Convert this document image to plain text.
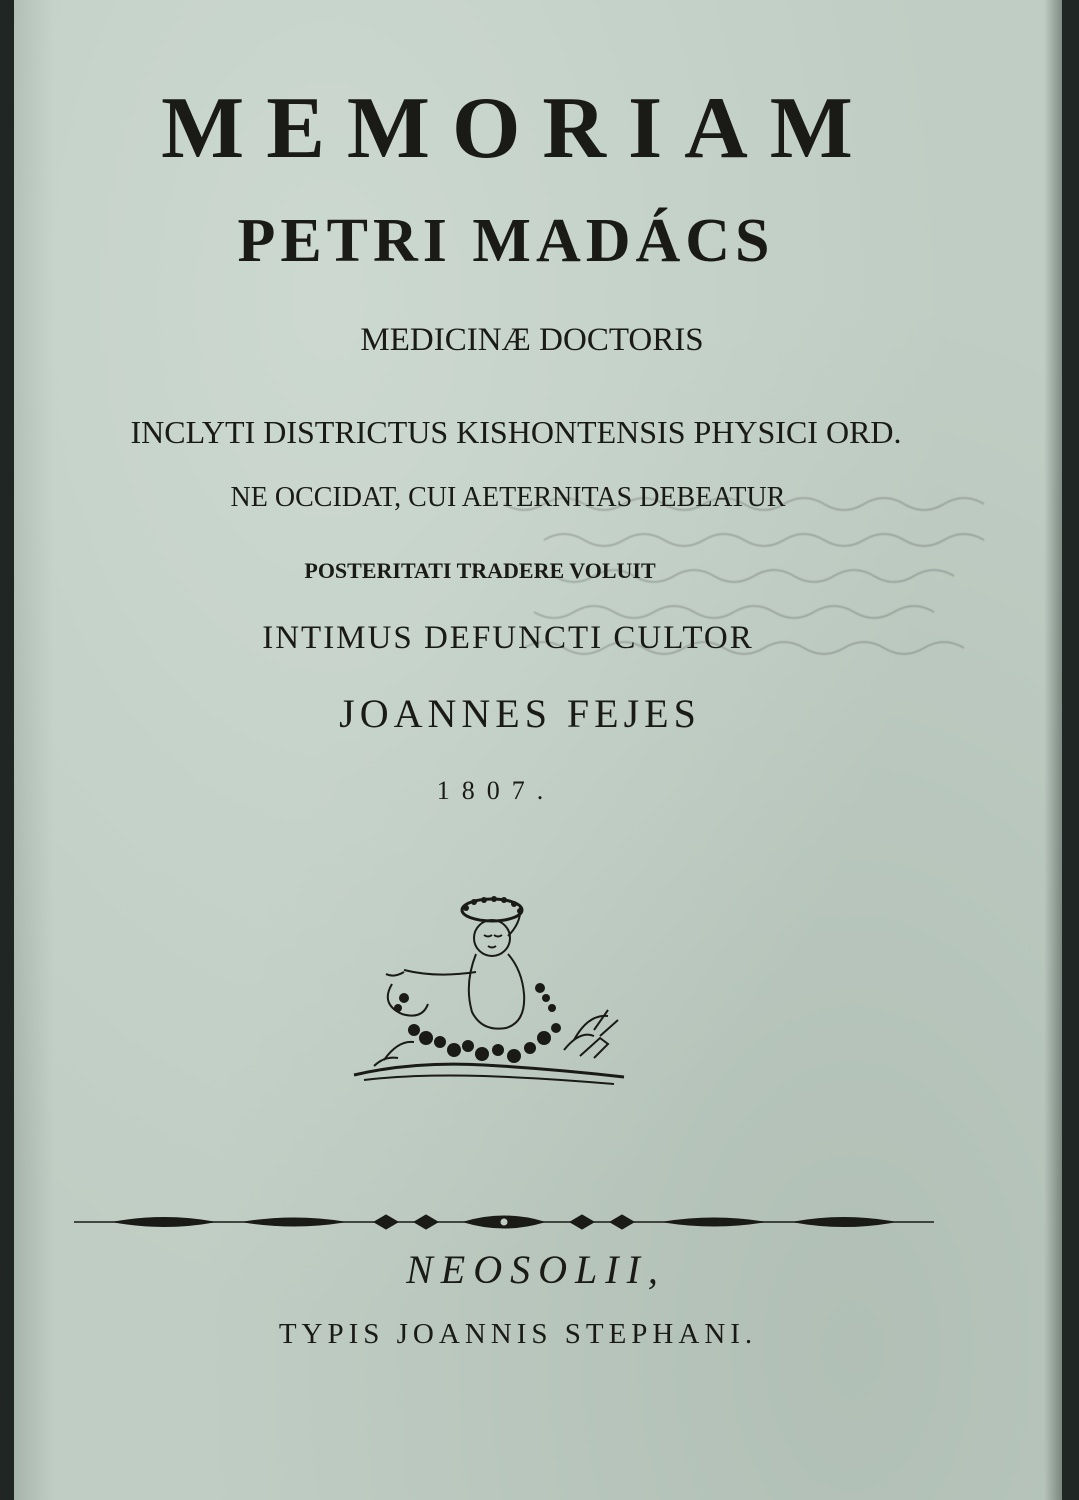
MEMORIAM
PETRI MADÁCS
MEDICINÆ DOCTORIS
INCLYTI DISTRICTUS KISHONTENSIS PHYSICI ORD.
NE OCCIDAT, CUI AETERNITAS DEBEATUR
POSTERITATI TRADERE VOLUIT
INTIMUS DEFUNCTI CULTOR
JOANNES FEJES
1807.
NEOSOLII,
TYPIS JOANNIS STEPHANI.
